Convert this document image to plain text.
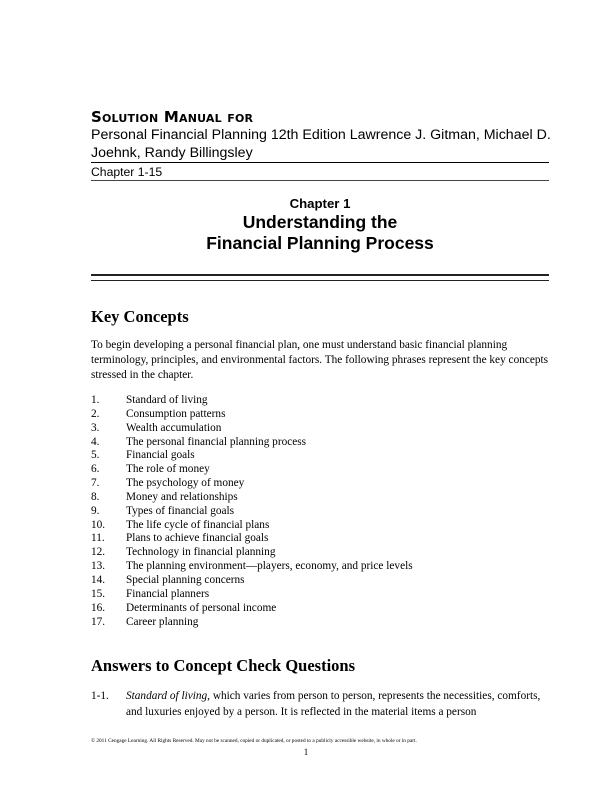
Solution Manual for
Personal Financial Planning 12th Edition Lawrence J. Gitman, Michael D. Joehnk, Randy Billingsley
Chapter 1-15
Chapter 1
Understanding the
Financial Planning Process
Key Concepts
To begin developing a personal financial plan, one must understand basic financial planning terminology, principles, and environmental factors. The following phrases represent the key concepts stressed in the chapter.
1. Standard of living
2. Consumption patterns
3. Wealth accumulation
4. The personal financial planning process
5. Financial goals
6. The role of money
7. The psychology of money
8. Money and relationships
9. Types of financial goals
10. The life cycle of financial plans
11. Plans to achieve financial goals
12. Technology in financial planning
13. The planning environment—players, economy, and price levels
14. Special planning concerns
15. Financial planners
16. Determinants of personal income
17. Career planning
Answers to Concept Check Questions
1-1. Standard of living, which varies from person to person, represents the necessities, comforts, and luxuries enjoyed by a person. It is reflected in the material items a person
© 2011 Cengage Learning. All Rights Reserved. May not be scanned, copied or duplicated, or posted to a publicly accessible website, in whole or in part.
1
